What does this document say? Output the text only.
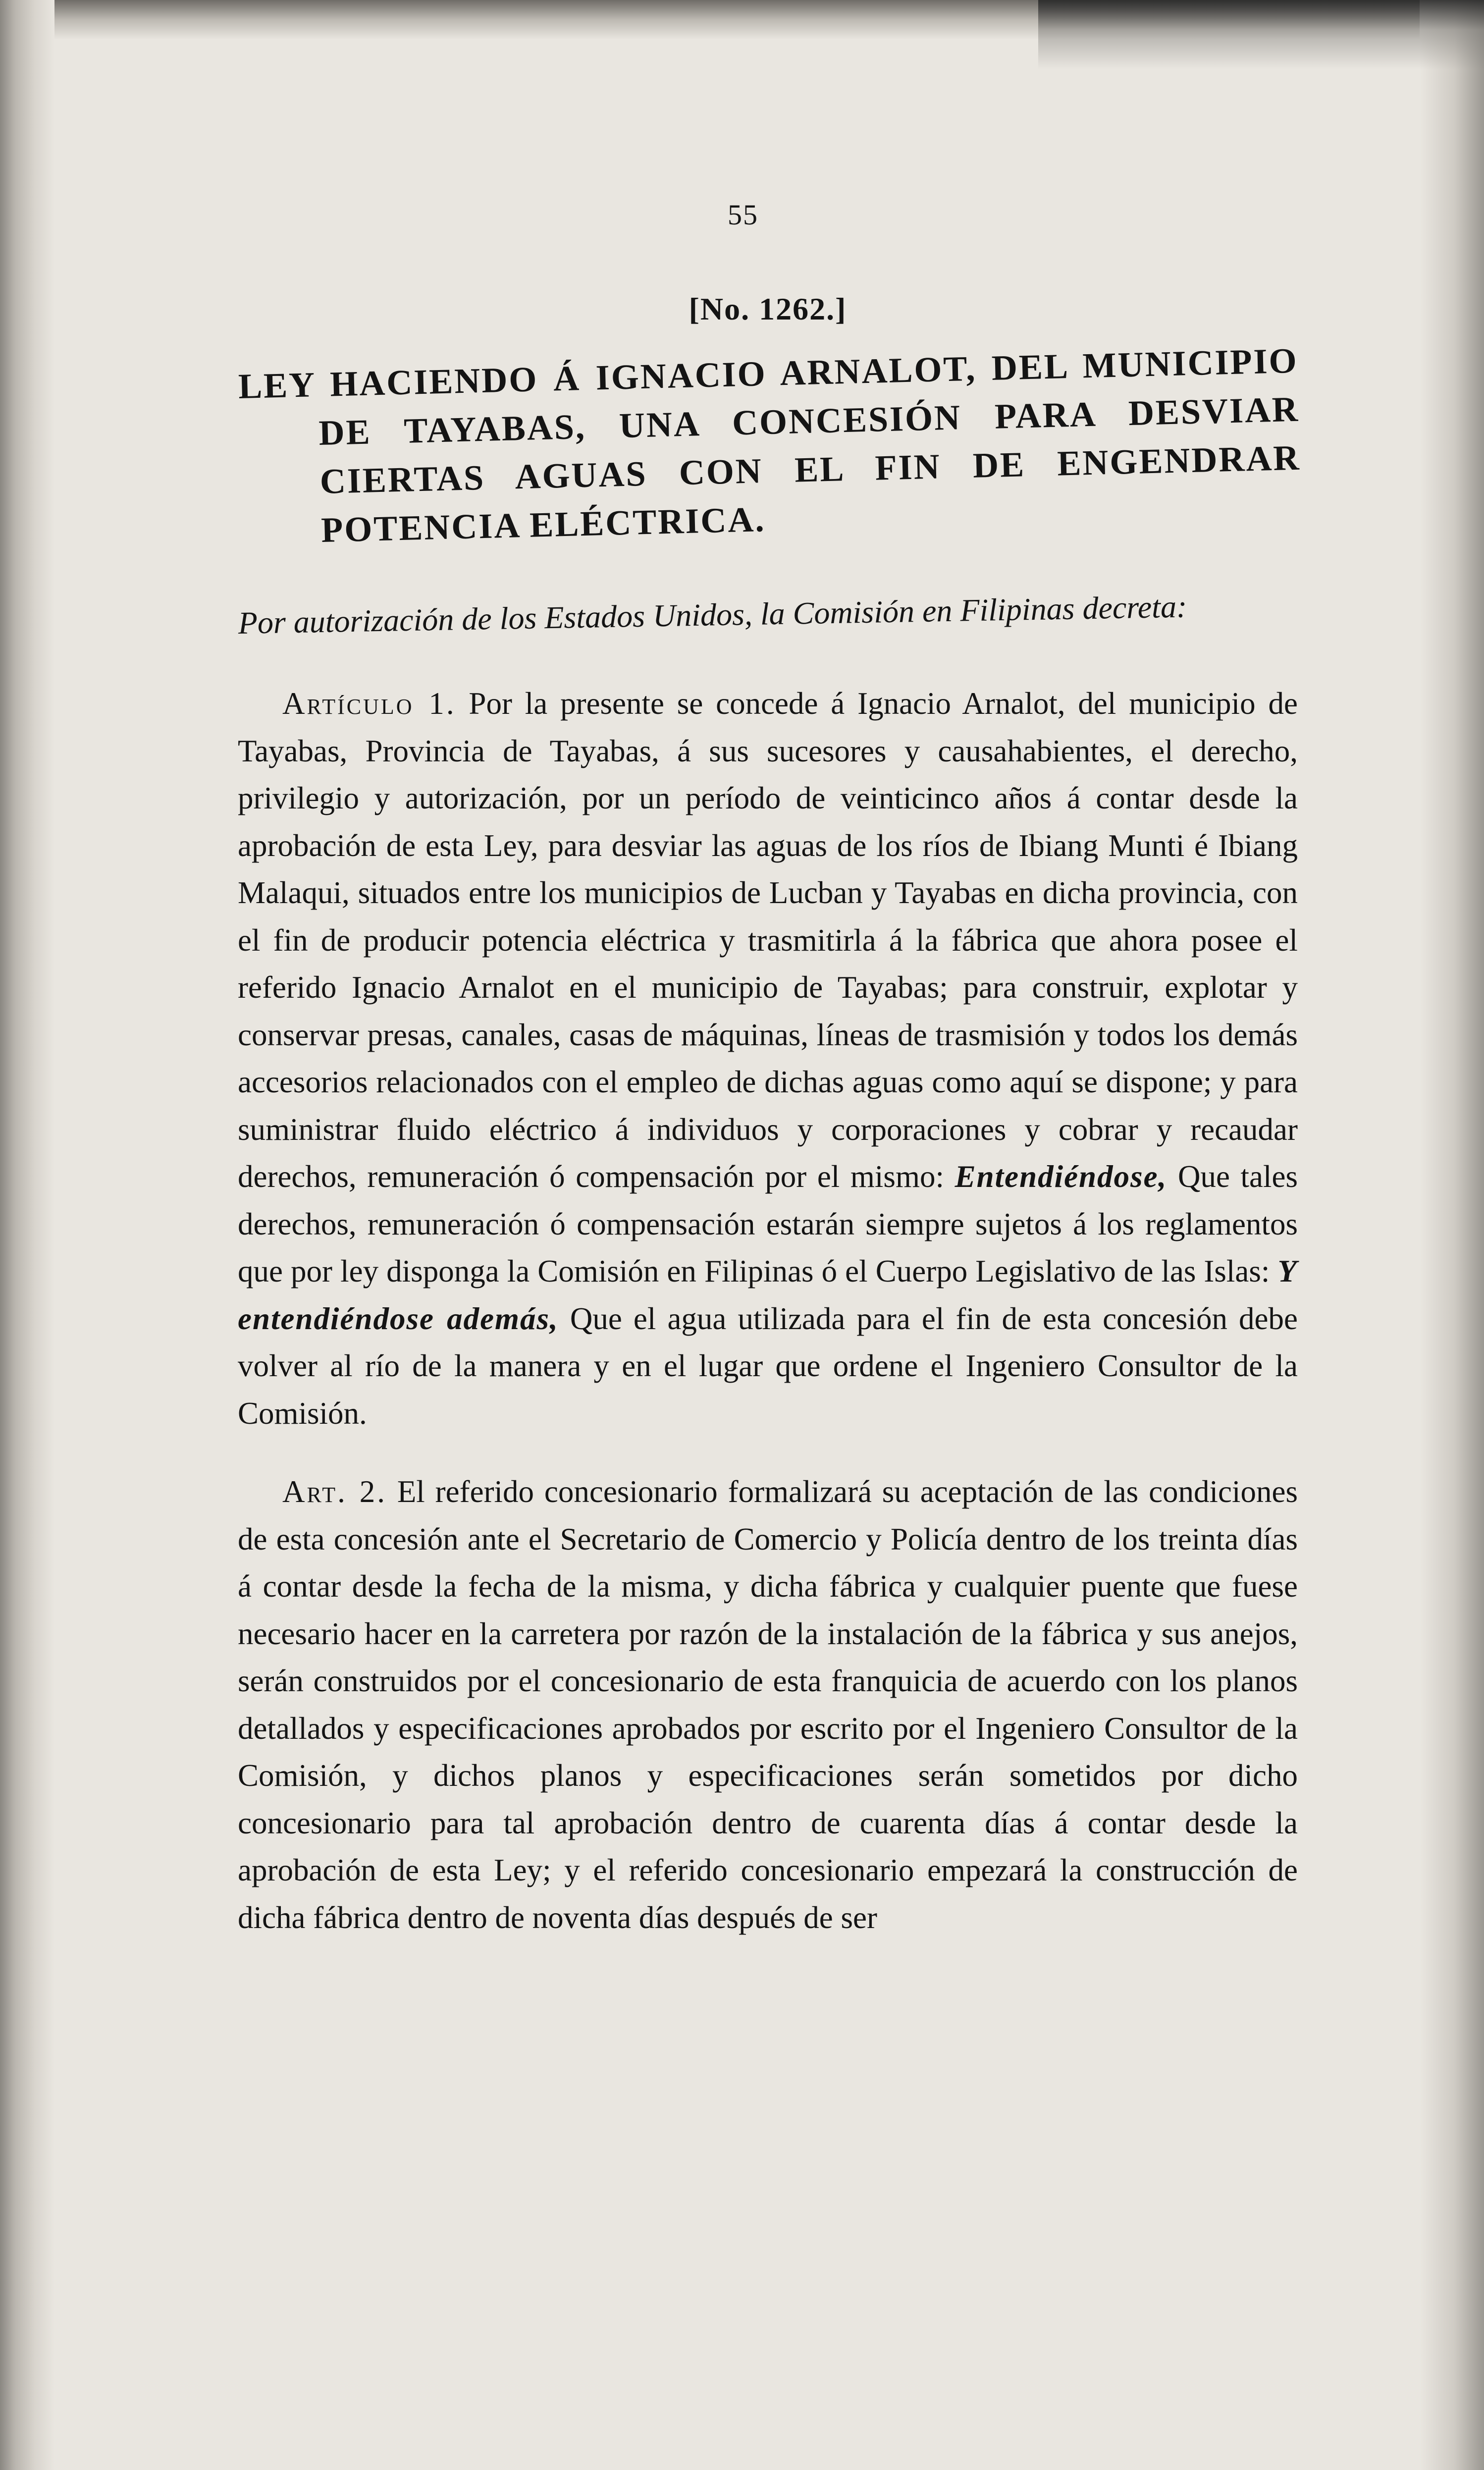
55
[No. 1262.]
LEY HACIENDO Á IGNACIO ARNALOT, DEL MUNICIPIO DE TAYABAS, UNA CONCESIÓN PARA DESVIAR CIERTAS AGUAS CON EL FIN DE ENGENDRAR POTENCIA ELÉCTRICA.
Por autorización de los Estados Unidos, la Comisión en Filipinas decreta:

Artículo 1. Por la presente se concede á Ignacio Arnalot, del municipio de Tayabas, Provincia de Tayabas, á sus sucesores y causahabientes, el derecho, privilegio y autorización, por un período de veinticinco años á contar desde la aprobación de esta Ley, para desviar las aguas de los ríos de Ibiang Munti é Ibiang Malaqui, situados entre los municipios de Lucban y Tayabas en dicha provincia, con el fin de producir potencia eléctrica y trasmitirla á la fábrica que ahora posee el referido Ignacio Arnalot en el municipio de Tayabas; para construir, explotar y conservar presas, canales, casas de máquinas, líneas de trasmisión y todos los demás accesorios relacionados con el empleo de dichas aguas como aquí se dispone; y para suministrar fluido eléctrico á individuos y corporaciones y cobrar y recaudar derechos, remuneración ó compensación por el mismo: Entendiéndose, Que tales derechos, remuneración ó compensación estarán siempre sujetos á los reglamentos que por ley disponga la Comisión en Filipinas ó el Cuerpo Legislativo de las Islas: Y entendiéndose además, Que el agua utilizada para el fin de esta concesión debe volver al río de la manera y en el lugar que ordene el Ingeniero Consultor de la Comisión.

Art. 2. El referido concesionario formalizará su aceptación de las condiciones de esta concesión ante el Secretario de Comercio y Policía dentro de los treinta días á contar desde la fecha de la misma, y dicha fábrica y cualquier puente que fuese necesario hacer en la carretera por razón de la instalación de la fábrica y sus anejos, serán construidos por el concesionario de esta franquicia de acuerdo con los planos detallados y especificaciones aprobados por escrito por el Ingeniero Consultor de la Comisión, y dichos planos y especificaciones serán sometidos por dicho concesionario para tal aprobación dentro de cuarenta días á contar desde la aprobación de esta Ley; y el referido concesionario empezará la construcción de dicha fábrica dentro de noventa días después de ser
